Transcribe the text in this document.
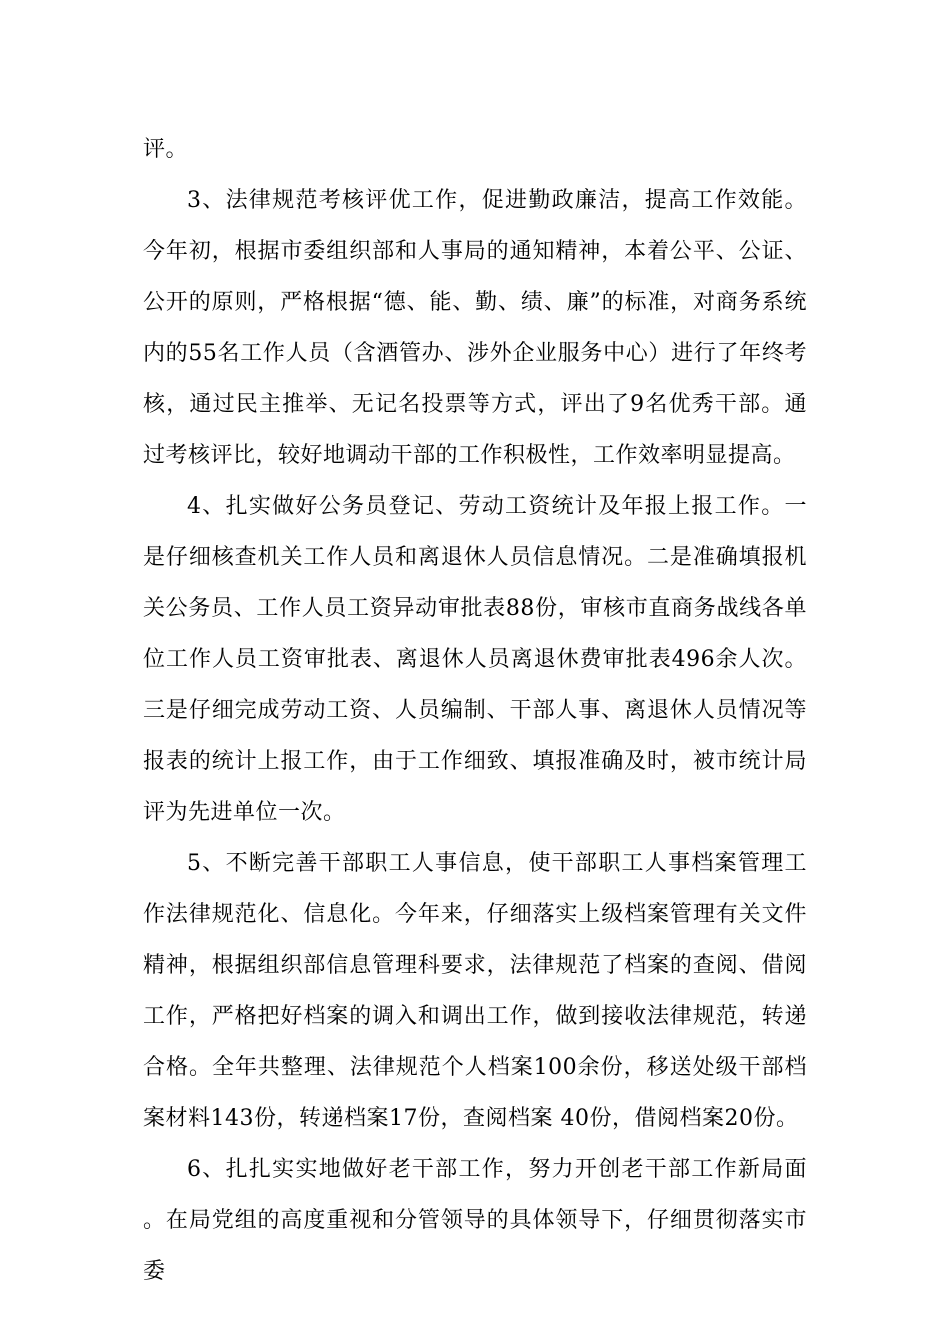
评。

3、法律规范考核评优工作，促进勤政廉洁，提高工作效能。今年初，根据市委组织部和人事局的通知精神，本着公平、公证、公开的原则，严格根据“德、能、勤、绩、廉”的标准，对商务系统内的55名工作人员（含酒管办、涉外企业服务中心）进行了年终考核，通过民主推举、无记名投票等方式，评出了9名优秀干部。通过考核评比，较好地调动干部的工作积极性，工作效率明显提高。

4、扎实做好公务员登记、劳动工资统计及年报上报工作。一是仔细核查机关工作人员和离退休人员信息情况。二是准确填报机关公务员、工作人员工资异动审批表88份，审核市直商务战线各单位工作人员工资审批表、离退休人员离退休费审批表496余人次。三是仔细完成劳动工资、人员编制、干部人事、离退休人员情况等报表的统计上报工作，由于工作细致、填报准确及时，被市统计局评为先进单位一次。

5、不断完善干部职工人事信息，使干部职工人事档案管理工作法律规范化、信息化。今年来，仔细落实上级档案管理有关文件精神，根据组织部信息管理科要求，法律规范了档案的查阅、借阅工作，严格把好档案的调入和调出工作，做到接收法律规范，转递合格。全年共整理、法律规范个人档案100余份，移送处级干部档案材料143份，转递档案17份，查阅档案 40份，借阅档案20份。

6、扎扎实实地做好老干部工作，努力开创老干部工作新局面。在局党组的高度重视和分管领导的具体领导下，仔细贯彻落实市委
